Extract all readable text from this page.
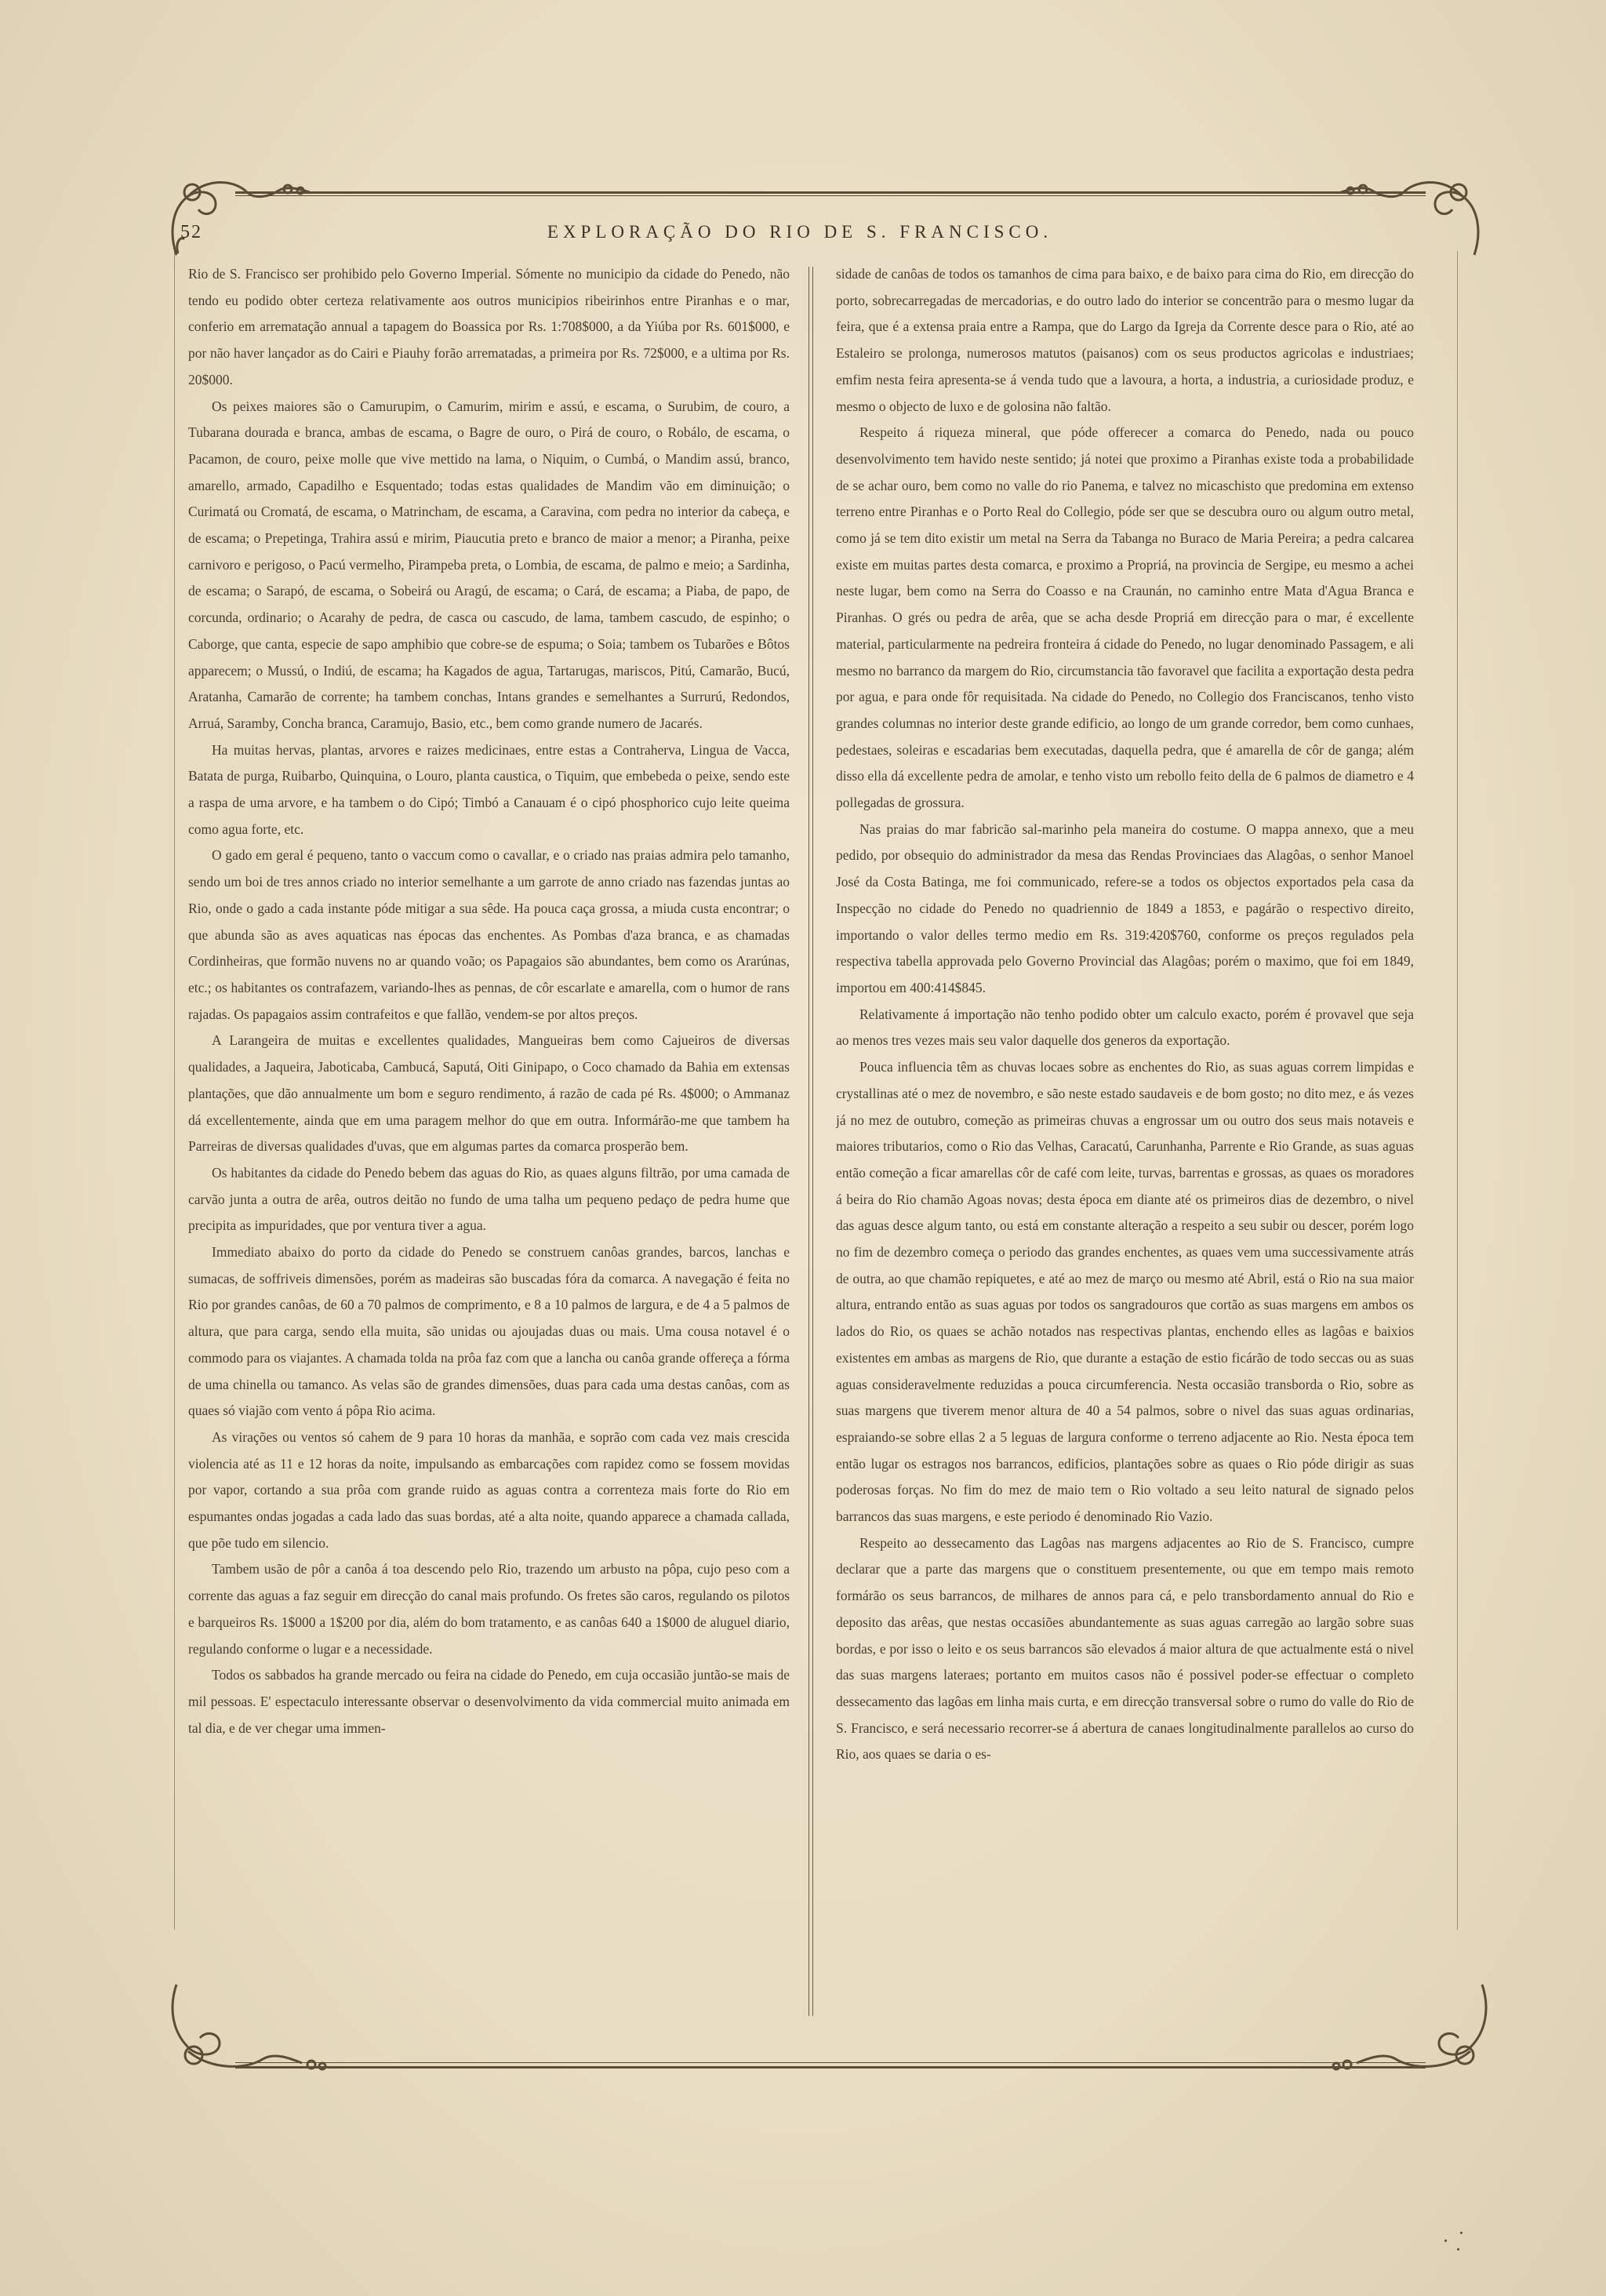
52	EXPLORAÇÃO DO RIO DE S. FRANCISCO.

Rio de S. Francisco ser prohibido pelo Governo Imperial. Sómente no municipio da cidade do Penedo, não tendo eu podido obter certeza relativamente aos outros municipios ribeirinhos entre Piranhas e o mar, conferio em arrematação annual a tapagem do Boassica por Rs. 1:708$000, a da Yiúba por Rs. 601$000, e por não haver lançador as do Cairi e Piauhy forão arrematadas, a primeira por Rs. 72$000, e a ultima por Rs. 20$000.

Os peixes maiores são o Camurupim, o Camurim, mirim e assú, e escama, o Surubim, de couro, a Tubarana dourada e branca, ambas de escama, o Bagre de ouro, o Pirá de couro, o Robálo, de escama, o Pacamon, de couro, peixe molle que vive mettido na lama, o Niquim, o Cumbá, o Mandim assú, branco, amarello, armado, Capadilho e Esquentado; todas estas qualidades de Mandim vão em diminuição; o Curimatá ou Cromatá, de escama, o Matrincham, de escama, a Caravina, com pedra no interior da cabeça, e de escama; o Prepetinga, Trahira assú e mirim, Piaucutia preto e branco de maior a menor; a Piranha, peixe carnivoro e perigoso, o Pacú vermelho, Pirampeba preta, o Lombia, de escama, de palmo e meio; a Sardinha, de escama; o Sarapó, de escama, o Sobeirá ou Aragú, de escama; o Cará, de escama; a Piaba, de papo, de corcunda, ordinario; o Acarahy de pedra, de casca ou cascudo, de lama, tambem cascudo, de espinho; o Caborge, que canta, especie de sapo amphibio que cobre-se de espuma; o Soia; tambem os Tubarões e Bôtos apparecem; o Mussú, o Indiú, de escama; ha Kagados de agua, Tartarugas, mariscos, Pitú, Camarão, Bucú, Aratanha, Camarão de corrente; ha tambem conchas, Intans grandes e semelhantes a Surrurú, Redondos, Arruá, Saramby, Concha branca, Caramujo, Basio, etc., bem como grande numero de Jacarés.

Ha muitas hervas, plantas, arvores e raizes medicinaes, entre estas a Contraherva, Lingua de Vacca, Batata de purga, Ruibarbo, Quinquina, o Louro, planta caustica, o Tiquim, que embebeda o peixe, sendo este a raspa de uma arvore, e ha tambem o do Cipó; Timbó a Canauam é o cipó phosphorico cujo leite queima como agua forte, etc.

O gado em geral é pequeno, tanto o vaccum como o cavallar, e o criado nas praias admira pelo tamanho, sendo um boi de tres annos criado no interior semelhante a um garrote de anno criado nas fazendas juntas ao Rio, onde o gado a cada instante póde mitigar a sua sêde. Ha pouca caça grossa, a miuda custa encontrar; o que abunda são as aves aquaticas nas épocas das enchentes. As Pombas d'aza branca, e as chamadas Cordinheiras, que formão nuvens no ar quando voão; os Papagaios são abundantes, bem como os Ararúnas, etc.; os habitantes os contrafazem, variando-lhes as pennas, de côr escarlate e amarella, com o humor de rans rajadas. Os papagaios assim contrafeitos e que fallão, vendem-se por altos preços.

A Larangeira de muitas e excellentes qualidades, Mangueiras bem como Cajueiros de diversas qualidades, a Jaqueira, Jaboticaba, Cambucá, Saputá, Oiti Ginipapo, o Coco chamado da Bahia em extensas plantações, que dão annualmente um bom e seguro rendimento, á razão de cada pé Rs. 4$000; o Ammanaz dá excellentemente, ainda que em uma paragem melhor do que em outra. Informárão-me que tambem ha Parreiras de diversas qualidades d'uvas, que em algumas partes da comarca prosperão bem.

Os habitantes da cidade do Penedo bebem das aguas do Rio, as quaes alguns filtrão, por uma camada de carvão junta a outra de arêa, outros deitão no fundo de uma talha um pequeno pedaço de pedra hume que precipita as impuridades, que por ventura tiver a agua.

Immediato abaixo do porto da cidade do Penedo se construem canôas grandes, barcos, lanchas e sumacas, de soffriveis dimensões, porém as madeiras são buscadas fóra da comarca. A navegação é feita no Rio por grandes canôas, de 60 a 70 palmos de comprimento, e 8 a 10 palmos de largura, e de 4 a 5 palmos de altura, que para carga, sendo ella muita, são unidas ou ajoujadas duas ou mais. Uma cousa notavel é o commodo para os viajantes. A chamada tolda na prôa faz com que a lancha ou canôa grande offereça a fórma de uma chinella ou tamanco. As velas são de grandes dimensões, duas para cada uma destas canôas, com as quaes só viajão com vento á pôpa Rio acima.

As virações ou ventos só cahem de 9 para 10 horas da manhãa, e soprão com cada vez mais crescida violencia até as 11 e 12 horas da noite, impulsando as embarcações com rapidez como se fossem movidas por vapor, cortando a sua prôa com grande ruido as aguas contra a correnteza mais forte do Rio em espumantes ondas jogadas a cada lado das suas bordas, até a alta noite, quando apparece a chamada callada, que põe tudo em silencio.

Tambem usão de pôr a canôa á toa descendo pelo Rio, trazendo um arbusto na pôpa, cujo peso com a corrente das aguas a faz seguir em direcção do canal mais profundo. Os fretes são caros, regulando os pilotos e barqueiros Rs. 1$000 a 1$200 por dia, além do bom tratamento, e as canôas 640 a 1$000 de aluguel diario, regulando conforme o lugar e a necessidade.

Todos os sabbados ha grande mercado ou feira na cidade do Penedo, em cuja occasião juntão-se mais de mil pessoas. E' espectaculo interessante observar o desenvolvimento da vida commercial muito animada em tal dia, e de ver chegar uma immen-

sidade de canôas de todos os tamanhos de cima para baixo, e de baixo para cima do Rio, em direcção do porto, sobrecarregadas de mercadorias, e do outro lado do interior se concentrão para o mesmo lugar da feira, que é a extensa praia entre a Rampa, que do Largo da Igreja da Corrente desce para o Rio, até ao Estaleiro se prolonga, numerosos matutos (paisanos) com os seus productos agricolas e industriaes; emfim nesta feira apresenta-se á venda tudo que a lavoura, a horta, a industria, a curiosidade produz, e mesmo o objecto de luxo e de golosina não faltão.

Respeito á riqueza mineral, que póde offerecer a comarca do Penedo, nada ou pouco desenvolvimento tem havido neste sentido; já notei que proximo a Piranhas existe toda a probabilidade de se achar ouro, bem como no valle do rio Panema, e talvez no micaschisto que predomina em extenso terreno entre Piranhas e o Porto Real do Collegio, póde ser que se descubra ouro ou algum outro metal, como já se tem dito existir um metal na Serra da Tabanga no Buraco de Maria Pereira; a pedra calcarea existe em muitas partes desta comarca, e proximo a Propriá, na provincia de Sergipe, eu mesmo a achei neste lugar, bem como na Serra do Coasso e na Craunán, no caminho entre Mata d'Agua Branca e Piranhas. O grés ou pedra de arêa, que se acha desde Propriá em direcção para o mar, é excellente material, particularmente na pedreira fronteira á cidade do Penedo, no lugar denominado Passagem, e ali mesmo no barranco da margem do Rio, circumstancia tão favoravel que facilita a exportação desta pedra por agua, e para onde fôr requisitada. Na cidade do Penedo, no Collegio dos Franciscanos, tenho visto grandes columnas no interior deste grande edificio, ao longo de um grande corredor, bem como cunhaes, pedestaes, soleiras e escadarias bem executadas, daquella pedra, que é amarella de côr de ganga; além disso ella dá excellente pedra de amolar, e tenho visto um rebollo feito della de 6 palmos de diametro e 4 pollegadas de grossura.

Nas praias do mar fabricão sal-marinho pela maneira do costume. O mappa annexo, que a meu pedido, por obsequio do administrador da mesa das Rendas Provinciaes das Alagôas, o senhor Manoel José da Costa Batinga, me foi communicado, refere-se a todos os objectos exportados pela casa da Inspecção no cidade do Penedo no quadriennio de 1849 a 1853, e pagárão o respectivo direito, importando o valor delles termo medio em Rs. 319:420$760, conforme os preços regulados pela respectiva tabella approvada pelo Governo Provincial das Alagôas; porém o maximo, que foi em 1849, importou em 400:414$845.

Relativamente á importação não tenho podido obter um calculo exacto, porém é provavel que seja ao menos tres vezes mais seu valor daquelle dos generos da exportação.

Pouca influencia têm as chuvas locaes sobre as enchentes do Rio, as suas aguas correm limpidas e crystallinas até o mez de novembro, e são neste estado saudaveis e de bom gosto; no dito mez, e ás vezes já no mez de outubro, começão as primeiras chuvas a engrossar um ou outro dos seus mais notaveis e maiores tributarios, como o Rio das Velhas, Caracatú, Carunhanha, Parrente e Rio Grande, as suas aguas então começão a ficar amarellas côr de café com leite, turvas, barrentas e grossas, as quaes os moradores á beira do Rio chamão Agoas novas; desta época em diante até os primeiros dias de dezembro, o nivel das aguas desce algum tanto, ou está em constante alteração a respeito a seu subir ou descer, porém logo no fim de dezembro começa o periodo das grandes enchentes, as quaes vem uma successivamente atrás de outra, ao que chamão repiquetes, e até ao mez de março ou mesmo até Abril, está o Rio na sua maior altura, entrando então as suas aguas por todos os sangradouros que cortão as suas margens em ambos os lados do Rio, os quaes se achão notados nas respectivas plantas, enchendo elles as lagôas e baixios existentes em ambas as margens de Rio, que durante a estação de estio ficárão de todo seccas ou as suas aguas consideravelmente reduzidas a pouca circumferencia. Nesta occasião transborda o Rio, sobre as suas margens que tiverem menor altura de 40 a 54 palmos, sobre o nivel das suas aguas ordinarias, espraiando-se sobre ellas 2 a 5 leguas de largura conforme o terreno adjacente ao Rio. Nesta época tem então lugar os estragos nos barrancos, edificios, plantações sobre as quaes o Rio póde dirigir as suas poderosas forças. No fim do mez de maio tem o Rio voltado a seu leito natural de signado pelos barrancos das suas margens, e este periodo é denominado Rio Vazio.

Respeito ao dessecamento das Lagôas nas margens adjacentes ao Rio de S. Francisco, cumpre declarar que a parte das margens que o constituem presentemente, ou que em tempo mais remoto formárão os seus barrancos, de milhares de annos para cá, e pelo transbordamento annual do Rio e deposito das arêas, que nestas occasiões abundantemente as suas aguas carregão ao largão sobre suas bordas, e por isso o leito e os seus barrancos são elevados á maior altura de que actualmente está o nivel das suas margens lateraes; portanto em muitos casos não é possivel poder-se effectuar o completo dessecamento das lagôas em linha mais curta, e em direcção transversal sobre o rumo do valle do Rio de S. Francisco, e será necessario recorrer-se á abertura de canaes longitudinalmente parallelos ao curso do Rio, aos quaes se daria o es-
